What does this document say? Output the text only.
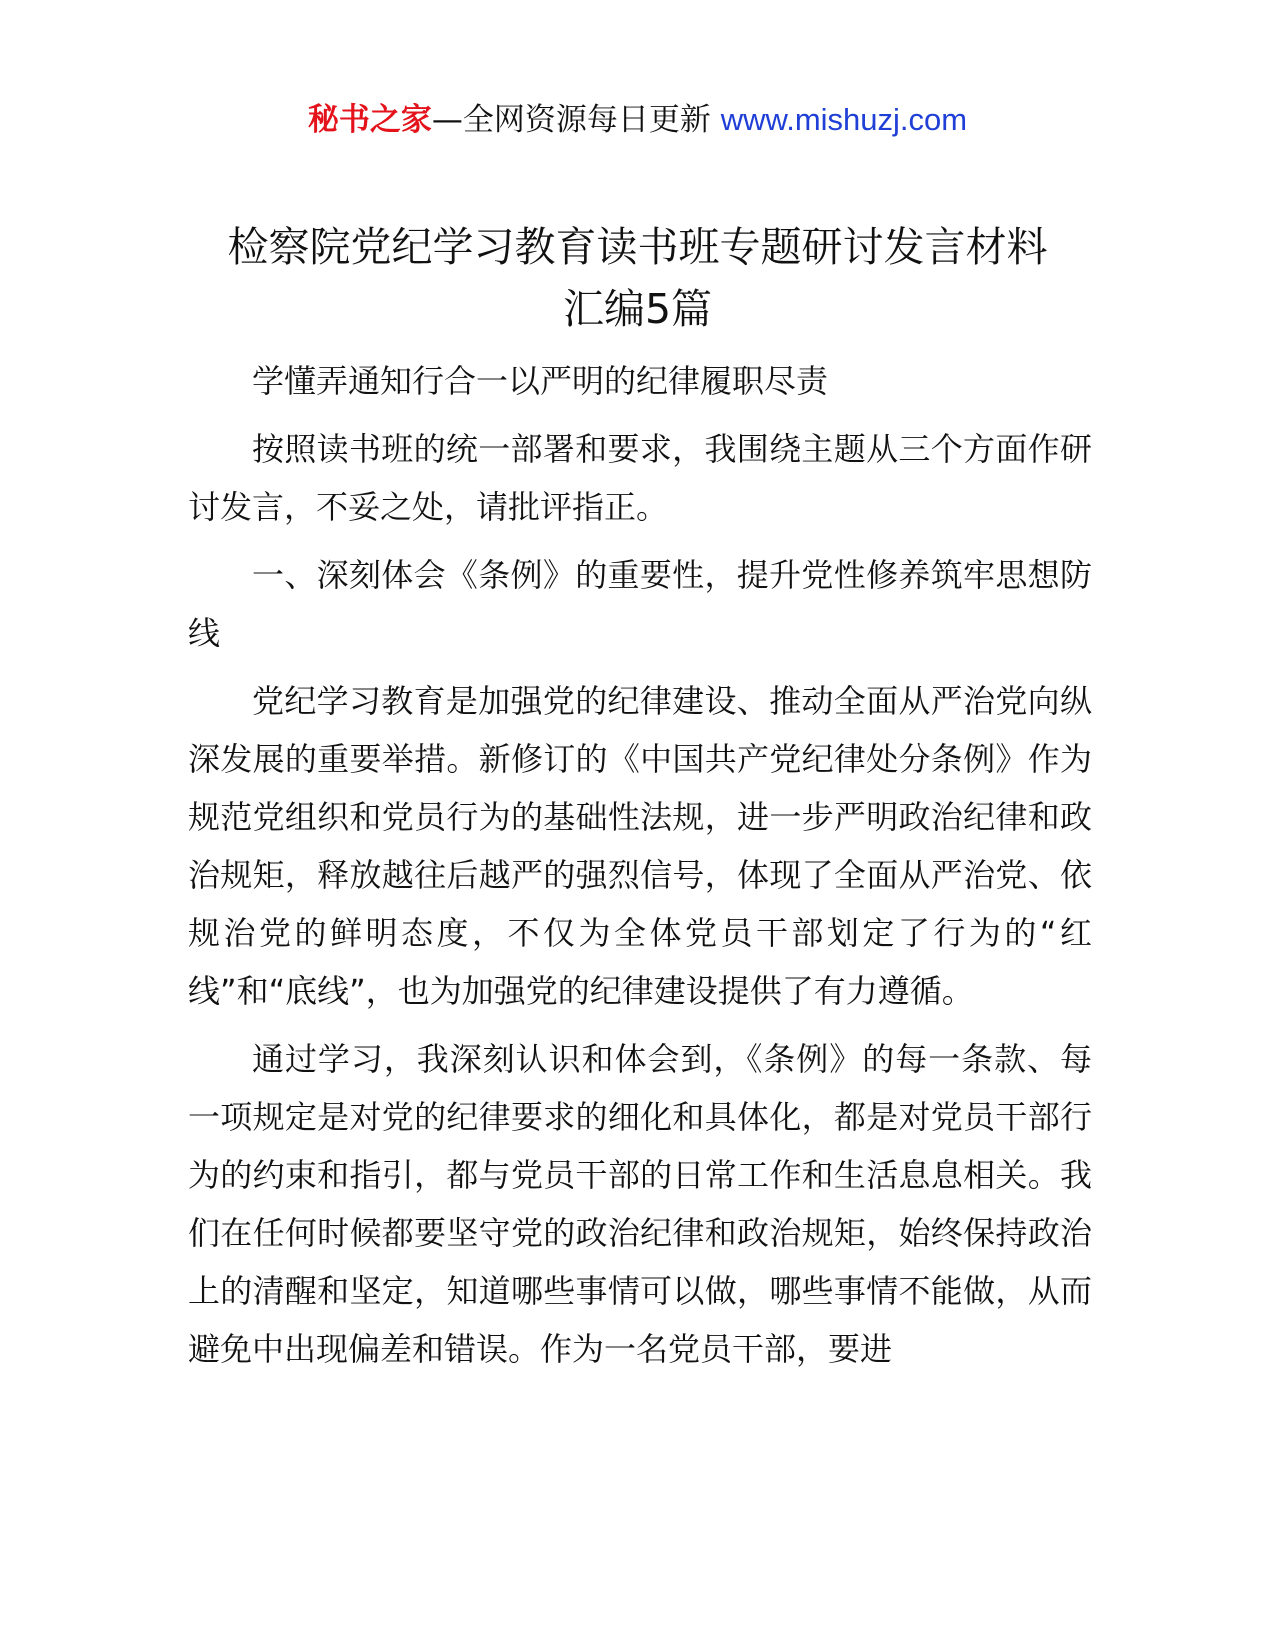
秘书之家—全网资源每日更新 www.mishuzj.com
检察院党纪学习教育读书班专题研讨发言材料
汇编5篇

学懂弄通知行合一以严明的纪律履职尽责

按照读书班的统一部署和要求，我围绕主题从三个方面作研讨发言，不妥之处，请批评指正。

一、深刻体会《条例》的重要性，提升党性修养筑牢思想防线

党纪学习教育是加强党的纪律建设、推动全面从严治党向纵深发展的重要举措。新修订的《中国共产党纪律处分条例》作为规范党组织和党员行为的基础性法规，进一步严明政治纪律和政治规矩，释放越往后越严的强烈信号，体现了全面从严治党、依规治党的鲜明态度，不仅为全体党员干部划定了行为的“红线”和“底线”，也为加强党的纪律建设提供了有力遵循。

通过学习，我深刻认识和体会到，《条例》的每一条款、每一项规定是对党的纪律要求的细化和具体化，都是对党员干部行为的约束和指引，都与党员干部的日常工作和生活息息相关。我们在任何时候都要坚守党的政治纪律和政治规矩，始终保持政治上的清醒和坚定，知道哪些事情可以做，哪些事情不能做，从而避免中出现偏差和错误。作为一名党员干部，要进
